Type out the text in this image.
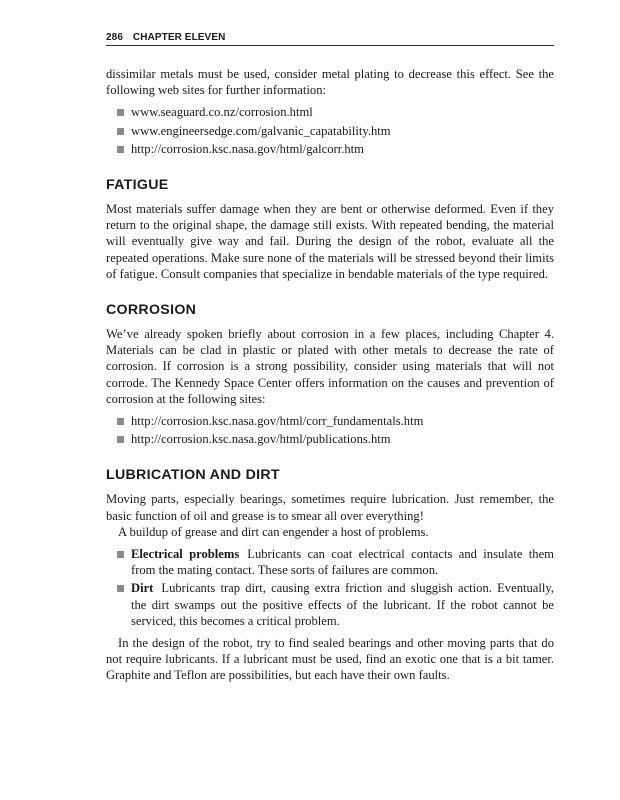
286 CHAPTER ELEVEN

dissimilar metals must be used, consider metal plating to decrease this effect. See the following web sites for further information:

www.seaguard.co.nz/corrosion.html
www.engineersedge.com/galvanic_capatability.htm
http://corrosion.ksc.nasa.gov/html/galcorr.htm
FATIGUE

Most materials suffer damage when they are bent or otherwise deformed. Even if they return to the original shape, the damage still exists. With repeated bending, the material will eventually give way and fail. During the design of the robot, evaluate all the repeated operations. Make sure none of the materials will be stressed beyond their limits of fatigue. Consult companies that specialize in bendable materials of the type required.

CORROSION

We’ve already spoken briefly about corrosion in a few places, including Chapter 4. Materials can be clad in plastic or plated with other metals to decrease the rate of corrosion. If corrosion is a strong possibility, consider using materials that will not corrode. The Kennedy Space Center offers information on the causes and prevention of corrosion at the following sites:

http://corrosion.ksc.nasa.gov/html/corr_fundamentals.htm
http://corrosion.ksc.nasa.gov/html/publications.htm
LUBRICATION AND DIRT

Moving parts, especially bearings, sometimes require lubrication. Just remember, the basic function of oil and grease is to smear all over everything!

A buildup of grease and dirt can engender a host of problems.

Electrical problems Lubricants can coat electrical contacts and insulate them from the mating contact. These sorts of failures are common.
Dirt Lubricants trap dirt, causing extra friction and sluggish action. Eventually, the dirt swamps out the positive effects of the lubricant. If the robot cannot be serviced, this becomes a critical problem.

In the design of the robot, try to find sealed bearings and other moving parts that do not require lubricants. If a lubricant must be used, find an exotic one that is a bit tamer. Graphite and Teflon are possibilities, but each have their own faults.
